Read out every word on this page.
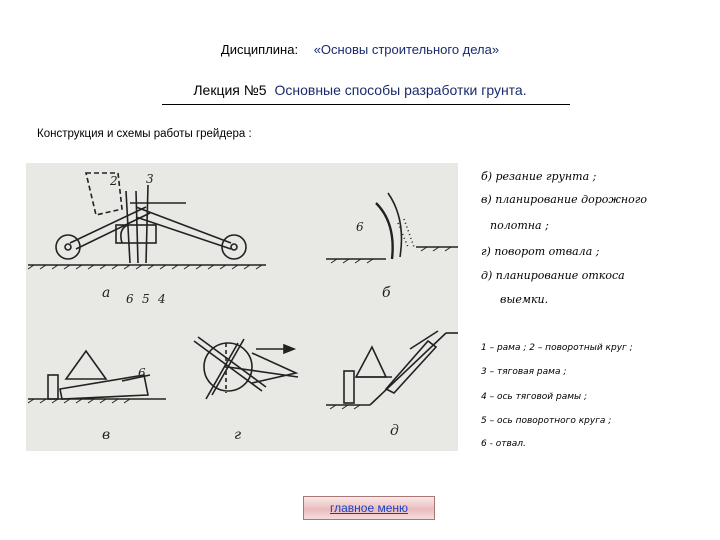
Дисциплина: «Основы строительного дела»
Лекция №5 Основные способы разработки грунта.
Конструкция и схемы работы грейдера :
2 3
6 5 4
а
6
б
6
в	г	д
б) резание грунта ;
в) планирование дорожного
полотна ;
г) поворот отвала ;
д) планирование откоса
выемки.
1 – рама ; 2 – поворотный круг ;
3 – тяговая рама ;
4 – ось тяговой рамы ;
5 – ось поворотного круга ;
6 - отвал.
главное меню
